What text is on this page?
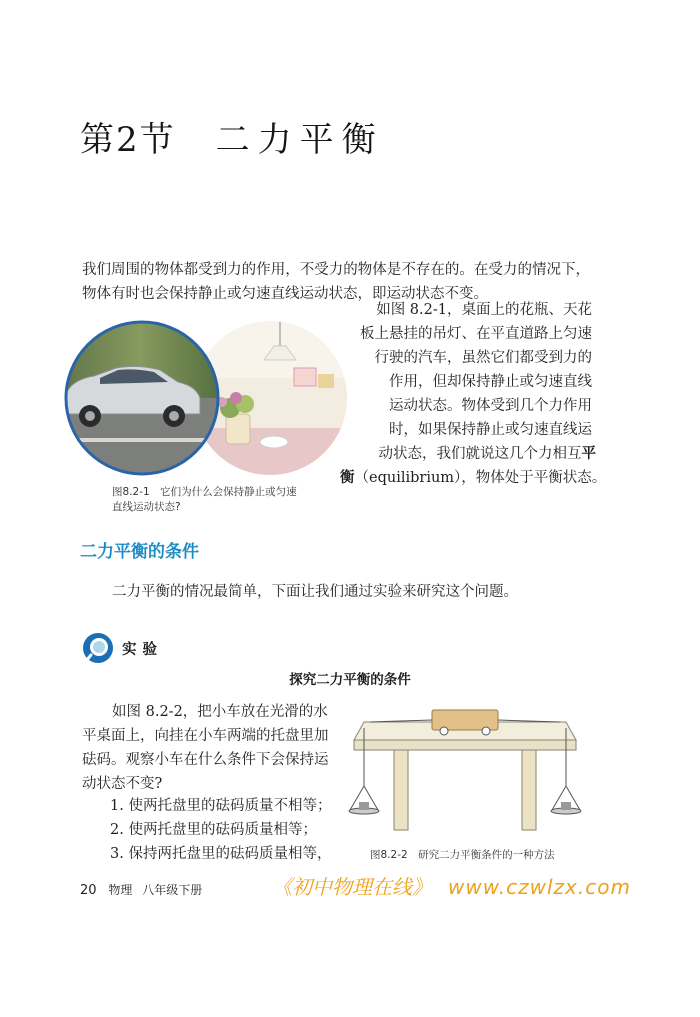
第2节 二力平衡
我们周围的物体都受到力的作用，不受力的物体是不存在的。在受力的情况下，物体有时也会保持静止或匀速直线运动状态，即运动状态不变。
如图 8.2-1，桌面上的花瓶、天花
板上悬挂的吊灯、在平直道路上匀速
行驶的汽车，虽然它们都受到力的
作用，但却保持静止或匀速直线
运动状态。物体受到几个力作用
时，如果保持静止或匀速直线运
动状态，我们就说这几个力相互平
衡（equilibrium），物体处于平衡状态。
图8.2-1　它们为什么会保持静止或匀速直线运动状态?
二力平衡的条件
二力平衡的情况最简单，下面让我们通过实验来研究这个问题。
实验
探究二力平衡的条件
如图 8.2-2，把小车放在光滑的水
平桌面上，向挂在小车两端的托盘里加
砝码。观察小车在什么条件下会保持运
动状态不变?
1. 使两托盘里的砝码质量不相等；
2. 使两托盘里的砝码质量相等；
3. 保持两托盘里的砝码质量相等，	图8.2-2　研究二力平衡条件的一种方法
20 物理 八年级下册	《初中物理在线》 www.czwlzx.com
